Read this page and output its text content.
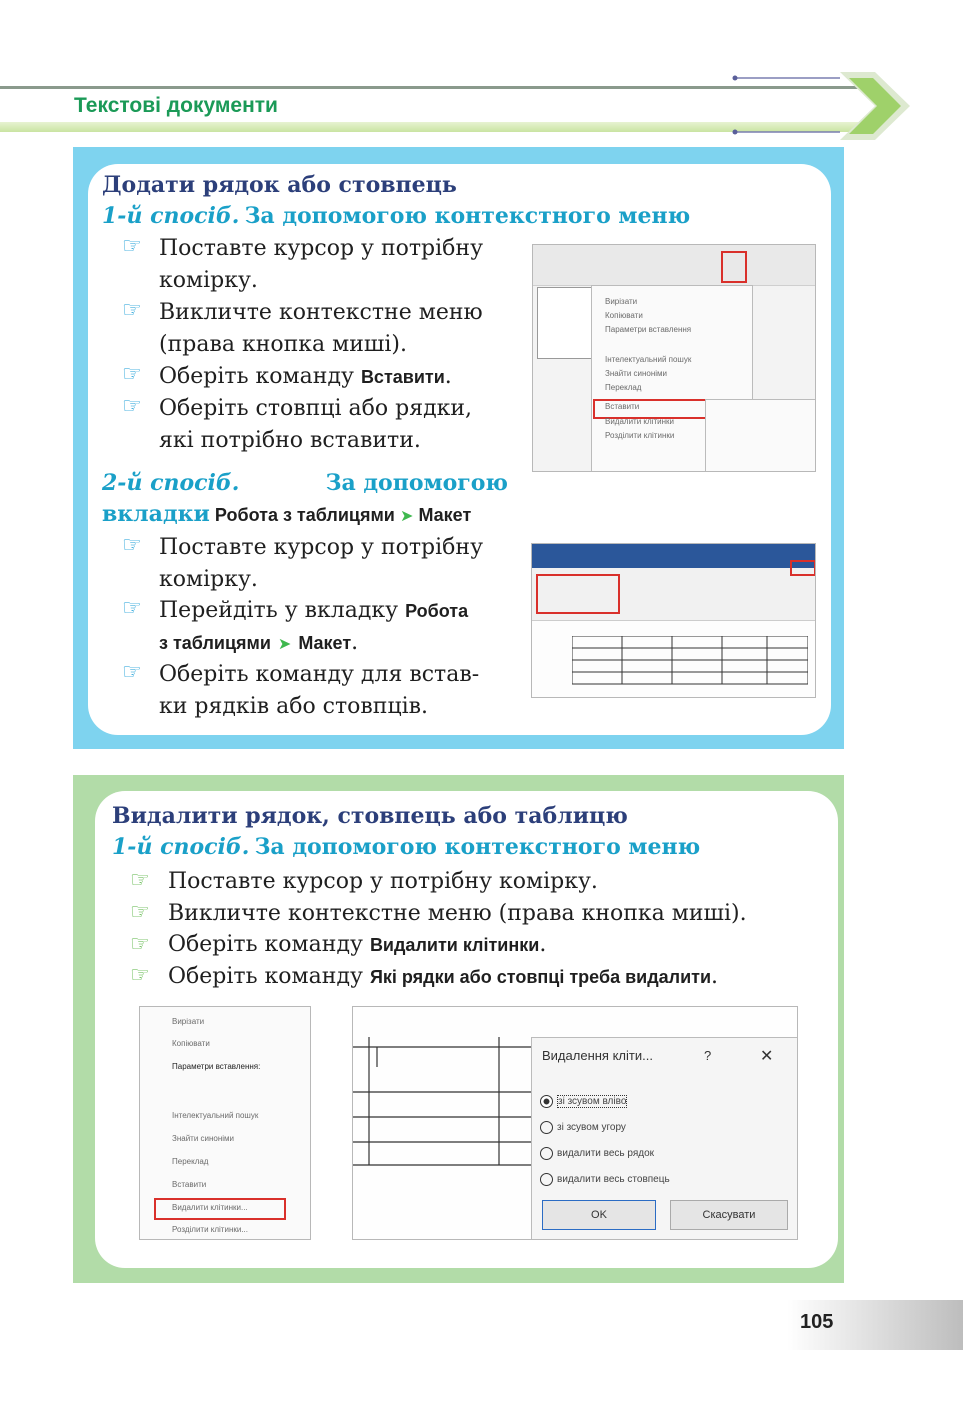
Текстові документи
Додати рядок або стовпець
1-й спосіб. За допомогою контекстного меню
☞ Поставте курсор у потрібну
комірку.
☞ Викличте контекстне меню
(права кнопка миші).
☞ Оберіть команду Вставити.
☞ Оберіть стовпці або рядки,
які потрібно вставити.
Вирізати
Копіювати
Параметри вставлення
Інтелектуальний пошук
Знайти синоніми
Переклад
Вставити
Видалити клітинки
Розділити клітинки
2-й спосіб.	За допомогою
вкладки Робота з таблицями ➤ Макет
☞ Поставте курсор у потрібну
комірку.
☞ Перейдіть у вкладку Робота
з таблицями ➤ Макет.
☞ Оберіть команду для встав-
ки рядків або стовпців.
Видалити рядок, стовпець або таблицю
1-й спосіб. За допомогою контекстного меню
☞ Поставте курсор у потрібну комірку.
☞ Викличте контекстне меню (права кнопка миші).
☞ Оберіть команду Видалити клітинки.
☞ Оберіть команду Які рядки або стовпці треба видалити.
Вирізати
Копіювати
Параметри вставлення:
Інтелектуальний пошук
Знайти синоніми
Переклад
Вставити
Видалити клітинки...
Розділити клітинки...
Видалення кліти...	?	✕
зі зсувом вліво
зі зсувом угору
видалити весь рядок
видалити весь стовпець
OK	Скасувати
105
